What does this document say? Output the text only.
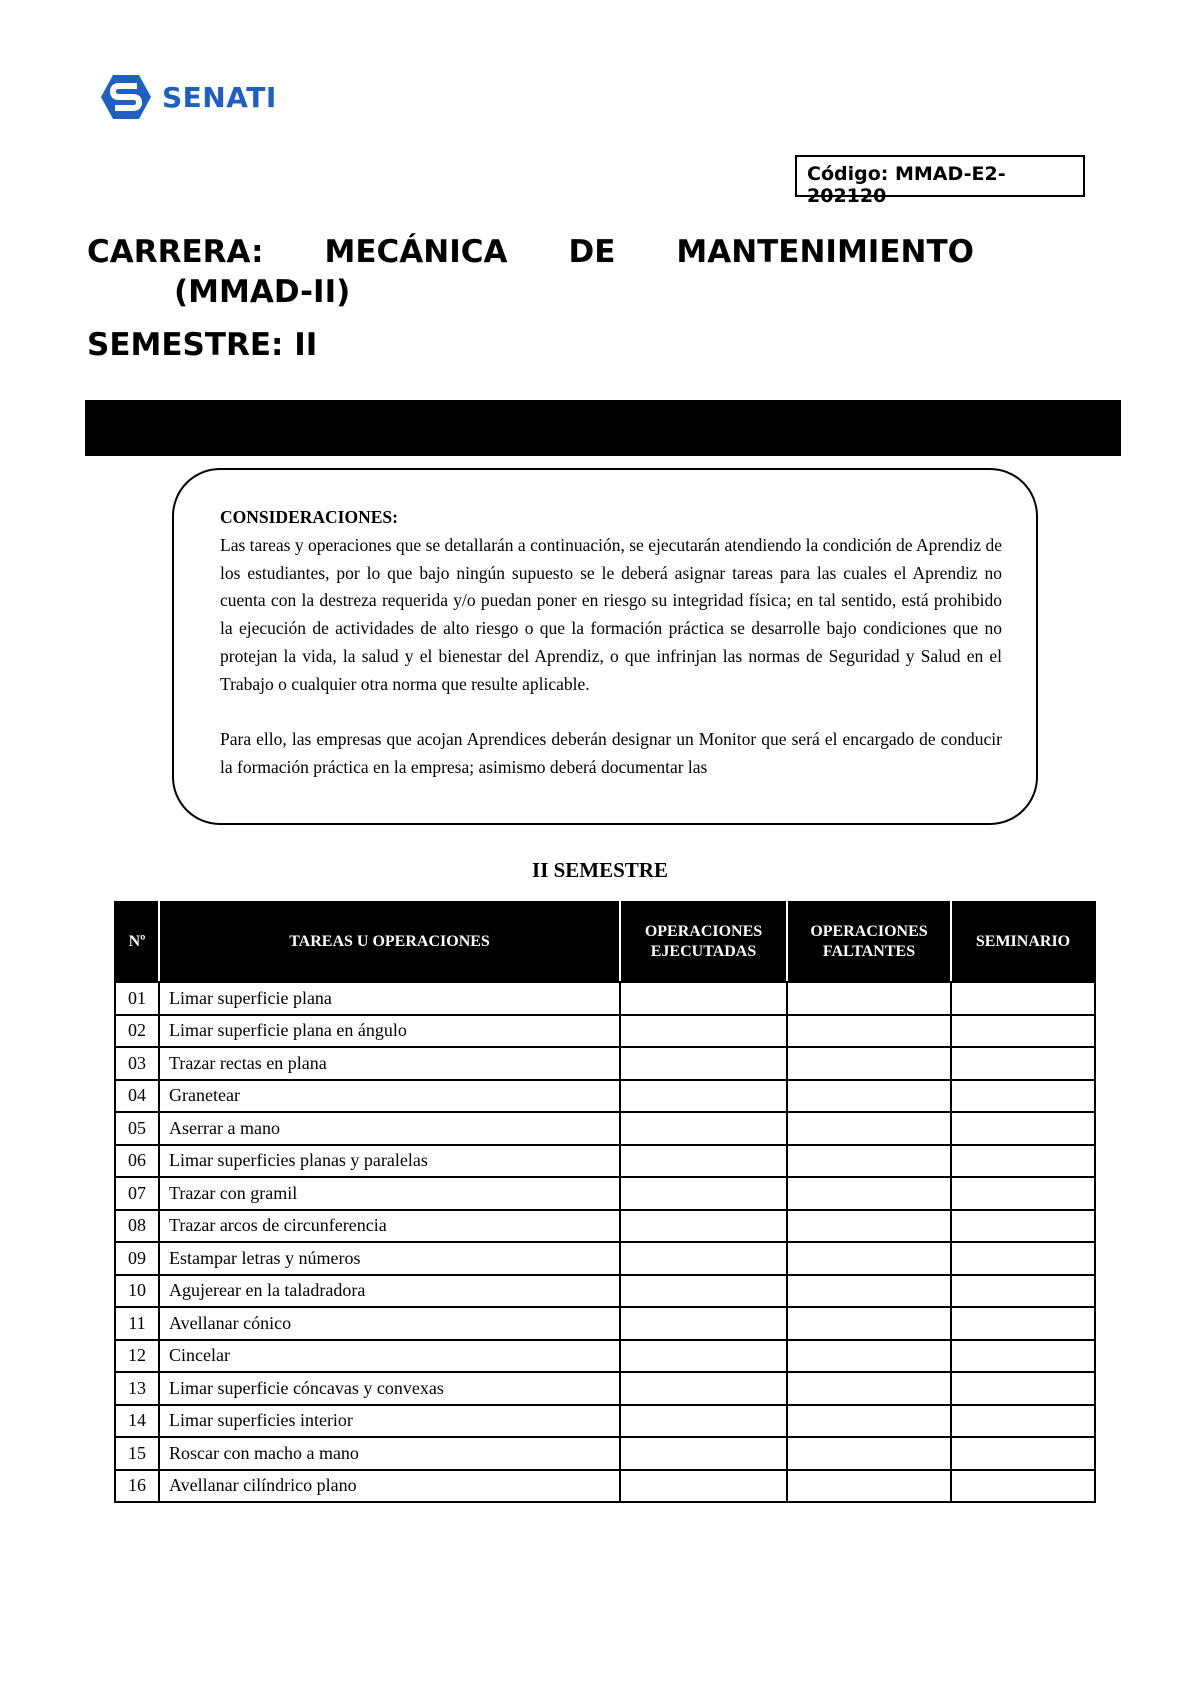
SENATI
Código: MMAD-E2-202120
CARRERA: MECÁNICA DE MANTENIMIENTO
(MMAD-II)
SEMESTRE: II
CONSIDERACIONES:

Las tareas y operaciones que se detallarán a continuación, se ejecutarán atendiendo la condición de Aprendiz de los estudiantes, por lo que bajo ningún supuesto se le deberá asignar tareas para las cuales el Aprendiz no cuenta con la destreza requerida y/o puedan poner en riesgo su integridad física; en tal sentido, está prohibido la ejecución de actividades de alto riesgo o que la formación práctica se desarrolle bajo condiciones que no protejan la vida, la salud y el bienestar del Aprendiz, o que infrinjan las normas de Seguridad y Salud en el Trabajo o cualquier otra norma que resulte aplicable.

Para ello, las empresas que acojan Aprendices deberán designar un Monitor que será el encargado de conducir la formación práctica en la empresa; asimismo deberá documentar las

II SEMESTRE
Nº	TAREAS U OPERACIONES	OPERACIONES EJECUTADAS	OPERACIONES FALTANTES	SEMINARIO
01	Limar superficie plana			
02	Limar superficie plana en ángulo			
03	Trazar rectas en plana			
04	Granetear			
05	Aserrar a mano			
06	Limar superficies planas y paralelas			
07	Trazar con gramil			
08	Trazar arcos de circunferencia			
09	Estampar letras y números			
10	Agujerear en la taladradora			
11	Avellanar cónico			
12	Cincelar			
13	Limar superficie cóncavas y convexas			
14	Limar superficies interior			
15	Roscar con macho a mano			
16	Avellanar cilíndrico plano			
